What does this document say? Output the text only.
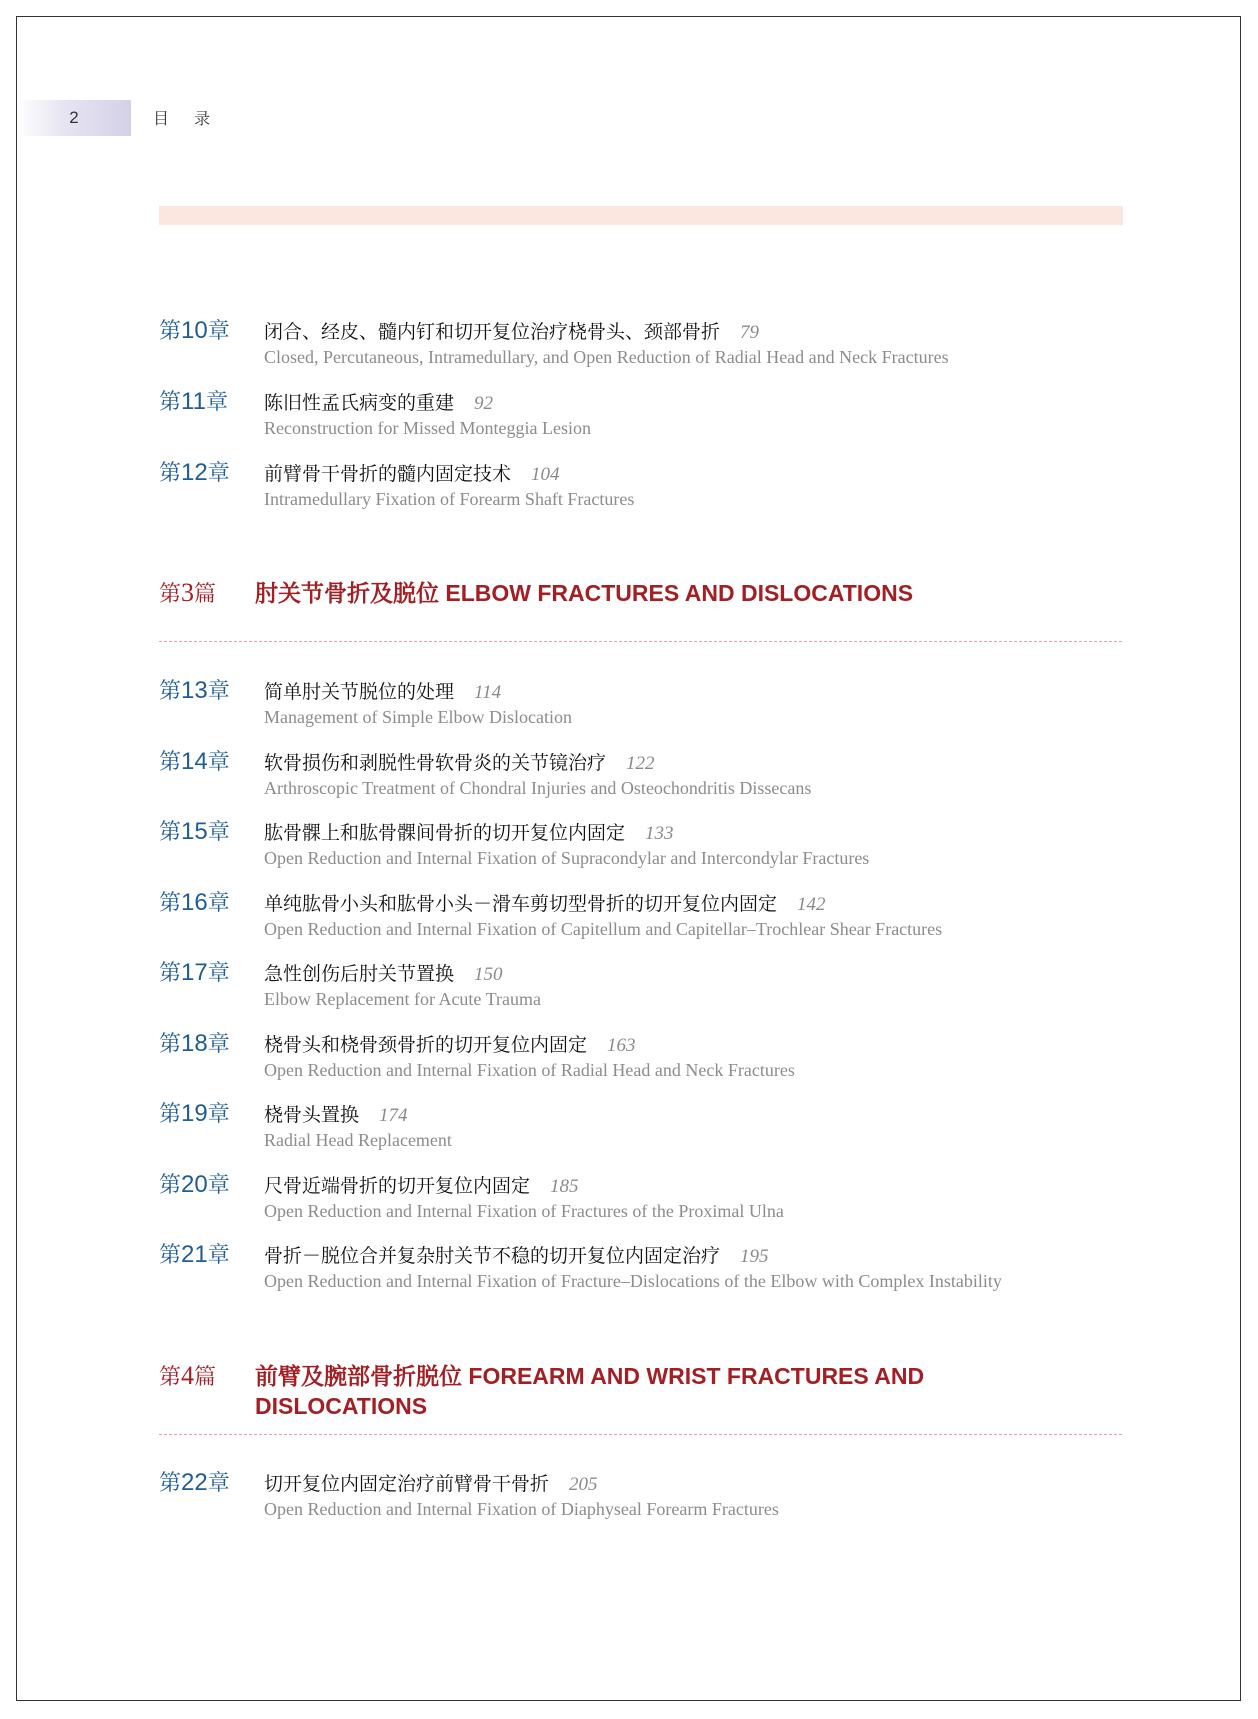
2	目 录
第10章 闭合、经皮、髓内钉和切开复位治疗桡骨头、颈部骨折 79
Closed, Percutaneous, Intramedullary, and Open Reduction of Radial Head and Neck Fractures
第11章 陈旧性孟氏病变的重建 92
Reconstruction for Missed Monteggia Lesion
第12章 前臂骨干骨折的髓内固定技术 104
Intramedullary Fixation of Forearm Shaft Fractures
第3篇 肘关节骨折及脱位 ELBOW FRACTURES AND DISLOCATIONS
第13章 简单肘关节脱位的处理 114
Management of Simple Elbow Dislocation
第14章 软骨损伤和剥脱性骨软骨炎的关节镜治疗 122
Arthroscopic Treatment of Chondral Injuries and Osteochondritis Dissecans
第15章 肱骨髁上和肱骨髁间骨折的切开复位内固定 133
Open Reduction and Internal Fixation of Supracondylar and Intercondylar Fractures
第16章 单纯肱骨小头和肱骨小头－滑车剪切型骨折的切开复位内固定 142
Open Reduction and Internal Fixation of Capitellum and Capitellar–Trochlear Shear Fractures
第17章 急性创伤后肘关节置换 150
Elbow Replacement for Acute Trauma
第18章 桡骨头和桡骨颈骨折的切开复位内固定 163
Open Reduction and Internal Fixation of Radial Head and Neck Fractures
第19章 桡骨头置换 174
Radial Head Replacement
第20章 尺骨近端骨折的切开复位内固定 185
Open Reduction and Internal Fixation of Fractures of the Proximal Ulna
第21章 骨折－脱位合并复杂肘关节不稳的切开复位内固定治疗 195
Open Reduction and Internal Fixation of Fracture–Dislocations of the Elbow with Complex Instability
第4篇 前臂及腕部骨折脱位 FOREARM AND WRIST FRACTURES AND DISLOCATIONS
第22章 切开复位内固定治疗前臂骨干骨折 205
Open Reduction and Internal Fixation of Diaphyseal Forearm Fractures
